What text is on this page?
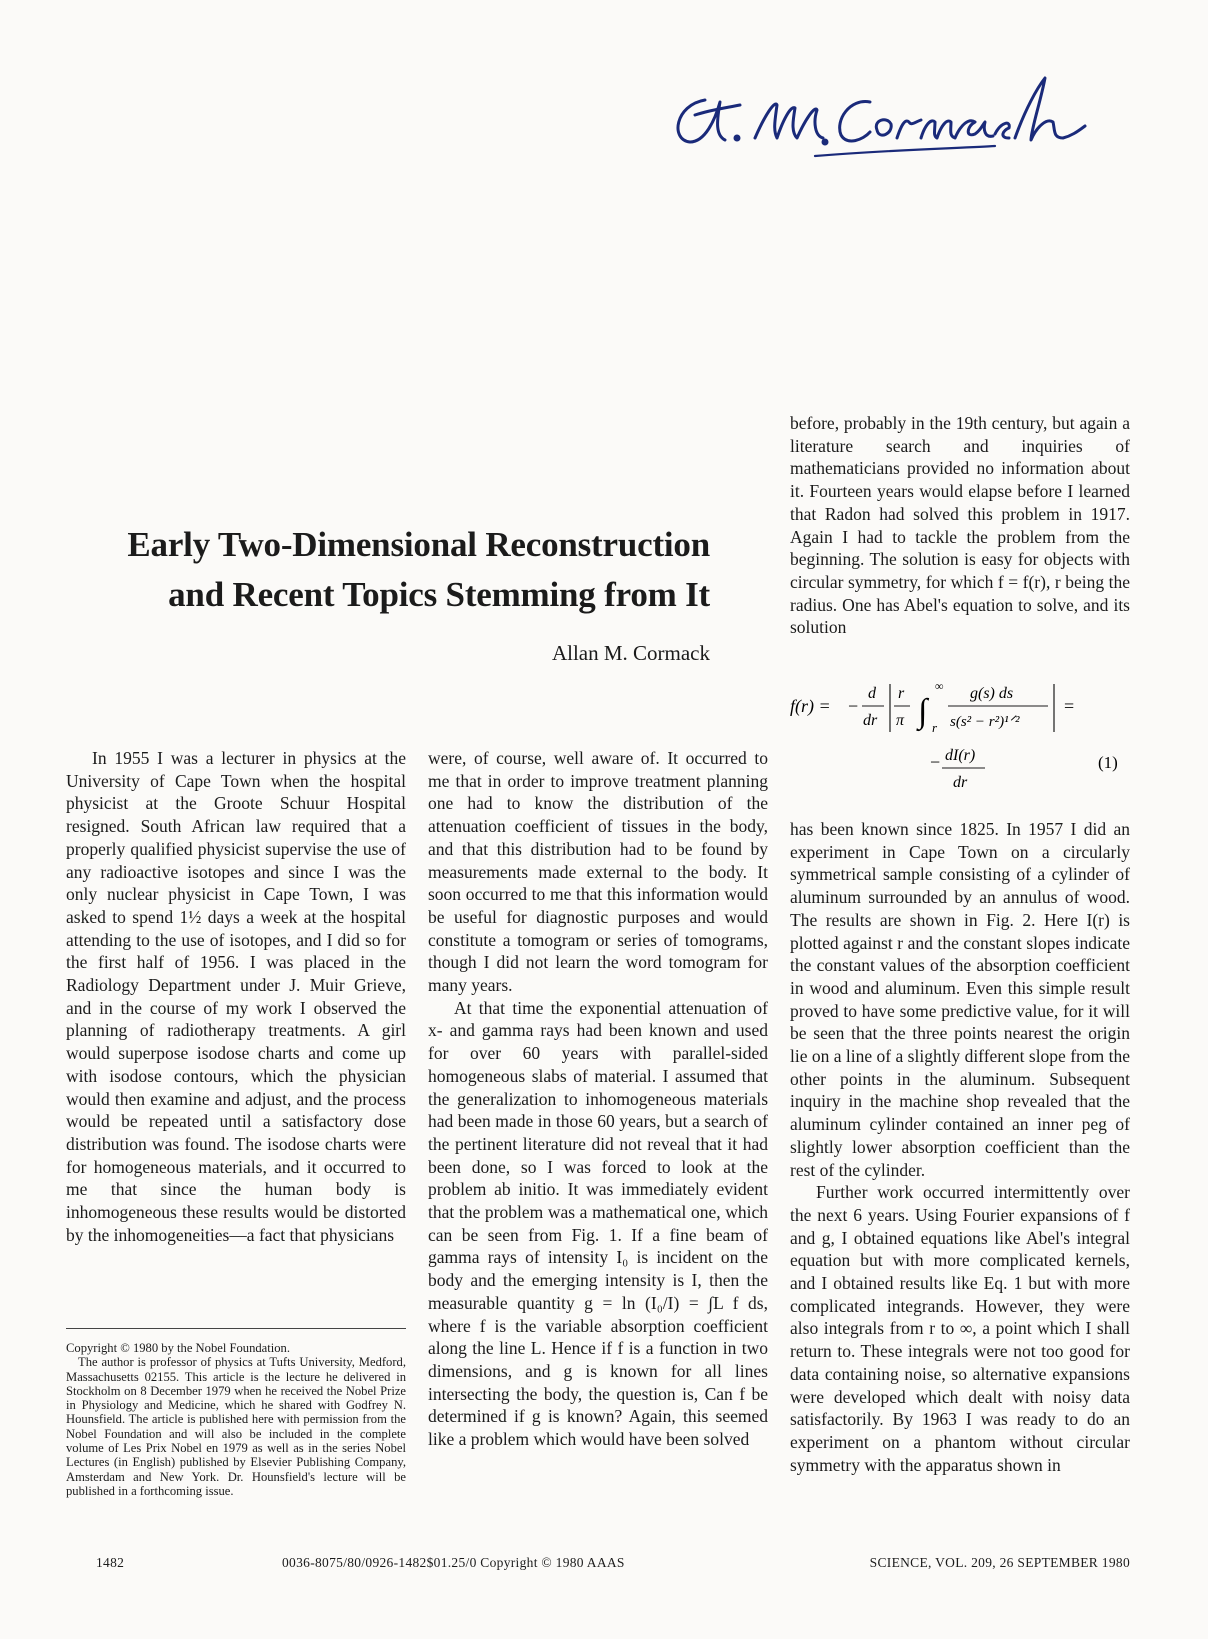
Early Two-Dimensional Reconstruction
and Recent Topics Stemming from It
Allan M. Cormack

In 1955 I was a lecturer in physics at the University of Cape Town when the hospital physicist at the Groote Schuur Hospital resigned. South African law required that a properly qualified physicist supervise the use of any radioactive isotopes and since I was the only nuclear physicist in Cape Town, I was asked to spend 1½ days a week at the hospital attending to the use of isotopes, and I did so for the first half of 1956. I was placed in the Radiology Department under J. Muir Grieve, and in the course of my work I observed the planning of radiotherapy treatments. A girl would superpose isodose charts and come up with isodose contours, which the physician would then examine and adjust, and the process would be repeated until a satisfactory dose distribution was found. The isodose charts were for homogeneous materials, and it occurred to me that since the human body is inhomogeneous these results would be distorted by the inhomogeneities—a fact that physicians

were, of course, well aware of. It occurred to me that in order to improve treatment planning one had to know the distribution of the attenuation coefficient of tissues in the body, and that this distribution had to be found by measurements made external to the body. It soon occurred to me that this information would be useful for diagnostic purposes and would constitute a tomogram or series of tomograms, though I did not learn the word tomogram for many years.

At that time the exponential attenuation of x- and gamma rays had been known and used for over 60 years with parallel-sided homogeneous slabs of material. I assumed that the generalization to inhomogeneous materials had been made in those 60 years, but a search of the pertinent literature did not reveal that it had been done, so I was forced to look at the problem ab initio. It was immediately evident that the problem was a mathematical one, which can be seen from Fig. 1. If a fine beam of gamma rays of intensity I₀ is incident on the body and the emerging intensity is I, then the measurable quantity g = ln (I₀/I) = ∫L f ds, where f is the variable absorption coefficient along the line L. Hence if f is a function in two dimensions, and g is known for all lines intersecting the body, the question is, Can f be determined if g is known? Again, this seemed like a problem which would have been solved

before, probably in the 19th century, but again a literature search and inquiries of mathematicians provided no information about it. Fourteen years would elapse before I learned that Radon had solved this problem in 1917. Again I had to tackle the problem from the beginning. The solution is easy for objects with circular symmetry, for which f = f(r), r being the radius. One has Abel's equation to solve, and its solution

f(r) = −
d
dr
r
π ∫
∞
r
g(s) ds
s(s² − r²)¹ᐟ²
=
− dI(r)
dr
(1)

has been known since 1825. In 1957 I did an experiment in Cape Town on a circularly symmetrical sample consisting of a cylinder of aluminum surrounded by an annulus of wood. The results are shown in Fig. 2. Here I(r) is plotted against r and the constant slopes indicate the constant values of the absorption coefficient in wood and aluminum. Even this simple result proved to have some predictive value, for it will be seen that the three points nearest the origin lie on a line of a slightly different slope from the other points in the aluminum. Subsequent inquiry in the machine shop revealed that the aluminum cylinder contained an inner peg of slightly lower absorption coefficient than the rest of the cylinder.

Further work occurred intermittently over the next 6 years. Using Fourier expansions of f and g, I obtained equations like Abel's integral equation but with more complicated kernels, and I obtained results like Eq. 1 but with more complicated integrands. However, they were also integrals from r to ∞, a point which I shall return to. These integrals were not too good for data containing noise, so alternative expansions were developed which dealt with noisy data satisfactorily. By 1963 I was ready to do an experiment on a phantom without circular symmetry with the apparatus shown in

Copyright © 1980 by the Nobel Foundation.

The author is professor of physics at Tufts University, Medford, Massachusetts 02155. This article is the lecture he delivered in Stockholm on 8 December 1979 when he received the Nobel Prize in Physiology and Medicine, which he shared with Godfrey N. Hounsfield. The article is published here with permission from the Nobel Foundation and will also be included in the complete volume of Les Prix Nobel en 1979 as well as in the series Nobel Lectures (in English) published by Elsevier Publishing Company, Amsterdam and New York. Dr. Hounsfield's lecture will be published in a forthcoming issue.

1482	0036-8075/80/0926-1482$01.25/0 Copyright © 1980 AAAS	SCIENCE, VOL. 209, 26 SEPTEMBER 1980
